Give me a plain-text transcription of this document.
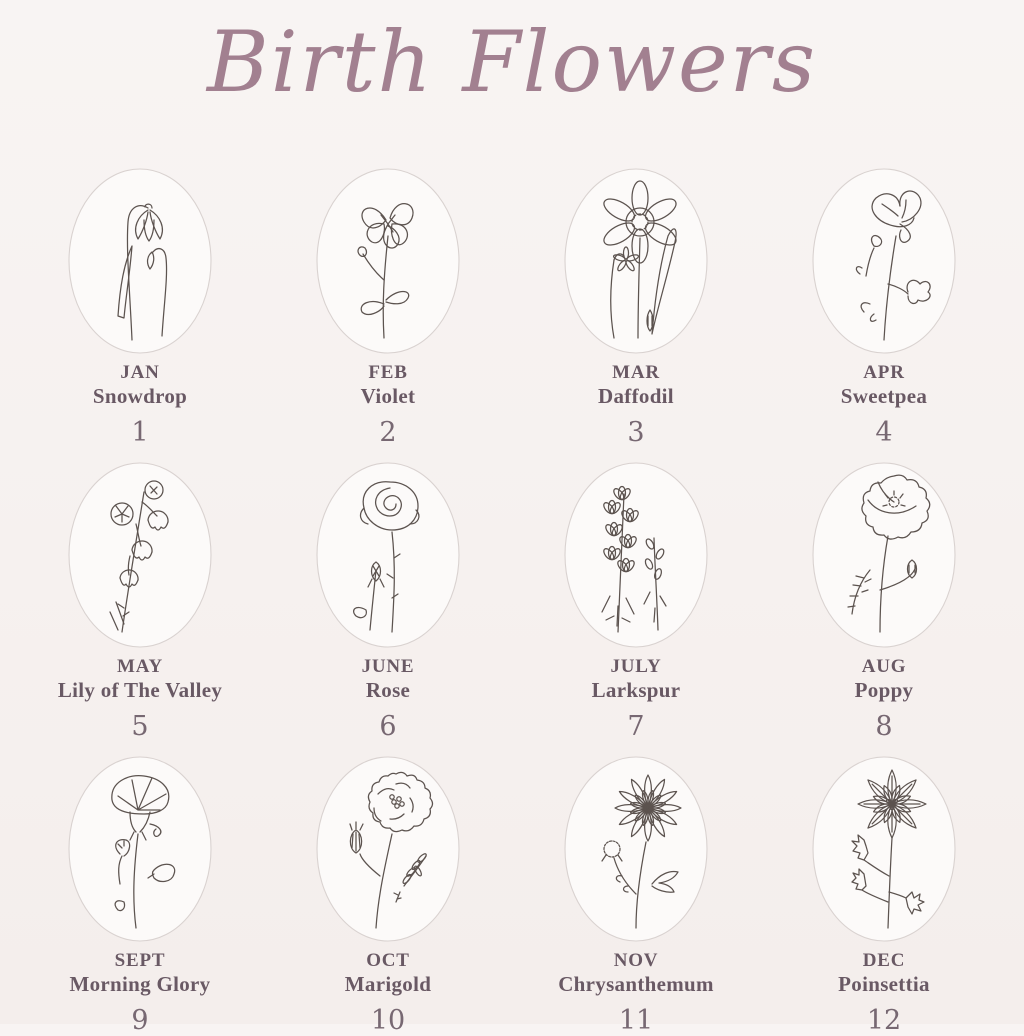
Birth Flowers
JAN
Snowdrop
1
FEB
Violet
2
MAR
Daffodil
3
APR
Sweetpea
4
MAY
Lily of The Valley
5
JUNE
Rose
6
JULY
Larkspur
7
AUG
Poppy
8
SEPT
Morning Glory
9
OCT
Marigold
10
NOV
Chrysanthemum
11
DEC
Poinsettia
12
